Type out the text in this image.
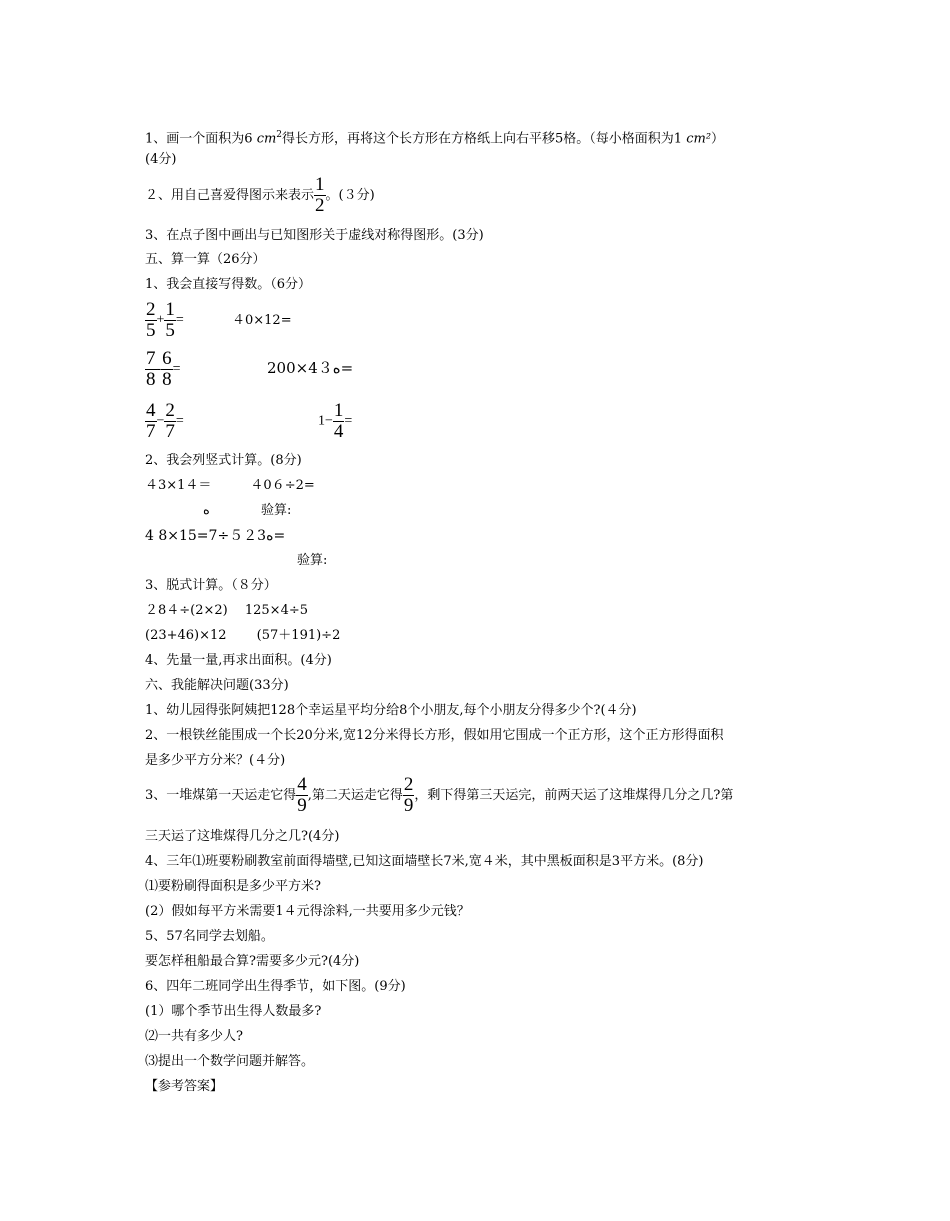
1、画一个面积为6 $cm^2$得长方形，再将这个长方形在方格纸上向右平移5格。（每小格面积为1 cm²）
(4分)
２、用自己喜爱得图示来表示 $\frac{1}{2}$ 。(３分)
3、在点子图中画出与已知图形关于虚线对称得图形。(3分)
五、算一算（26分）
1、我会直接写得数。（6分）
$\frac{2}{5} + \frac{1}{5}$ =	４0×12=
$\frac{7}{8} - \frac{6}{8}$ =	200×4３ﻩ=
$\frac{4}{7} - \frac{2}{7}$ =	$1- \frac{1}{4}$ =
2、我会列竖式计算。(8分)
４3×1４＝　　　４0６÷2=
ﻩ	验算:
4 8×15=7÷５２3ﻩ=
验算:
3、脱式计算。（８分）
２8４÷(2×2)　 125×4÷5
(23+46)×12　　 (57＋191)÷2
4、先量一量,再求出面积。(4分)
六、我能解决问题(33分)
1、幼儿园得张阿姨把128个幸运星平均分给8个小朋友,每个小朋友分得多少个?(４分)
2、一根铁丝能围成一个长20分米,宽12分米得长方形，假如用它围成一个正方形，这个正方形得面积
是多少平方分米？(４分)
3、一堆煤第一天运走它得 $\frac{4}{9}$ ,第二天运走它得 $\frac{2}{9}$ ，剩下得第三天运完，前两天运了这堆煤得几分之几?第
三天运了这堆煤得几分之几?(4分)
4、三年⑴班要粉刷教室前面得墙壁,已知这面墙壁长7米,宽４米，其中黑板面积是3平方米。(8分)
⑴要粉刷得面积是多少平方米?
(2）假如每平方米需要1４元得涂料,一共要用多少元钱？
5、57名同学去划船。
要怎样租船最合算?需要多少元?(4分)
6、四年二班同学出生得季节，如下图。(9分)
(1）哪个季节出生得人数最多?
⑵一共有多少人?
⑶提出一个数学问题并解答。
【参考答案】
